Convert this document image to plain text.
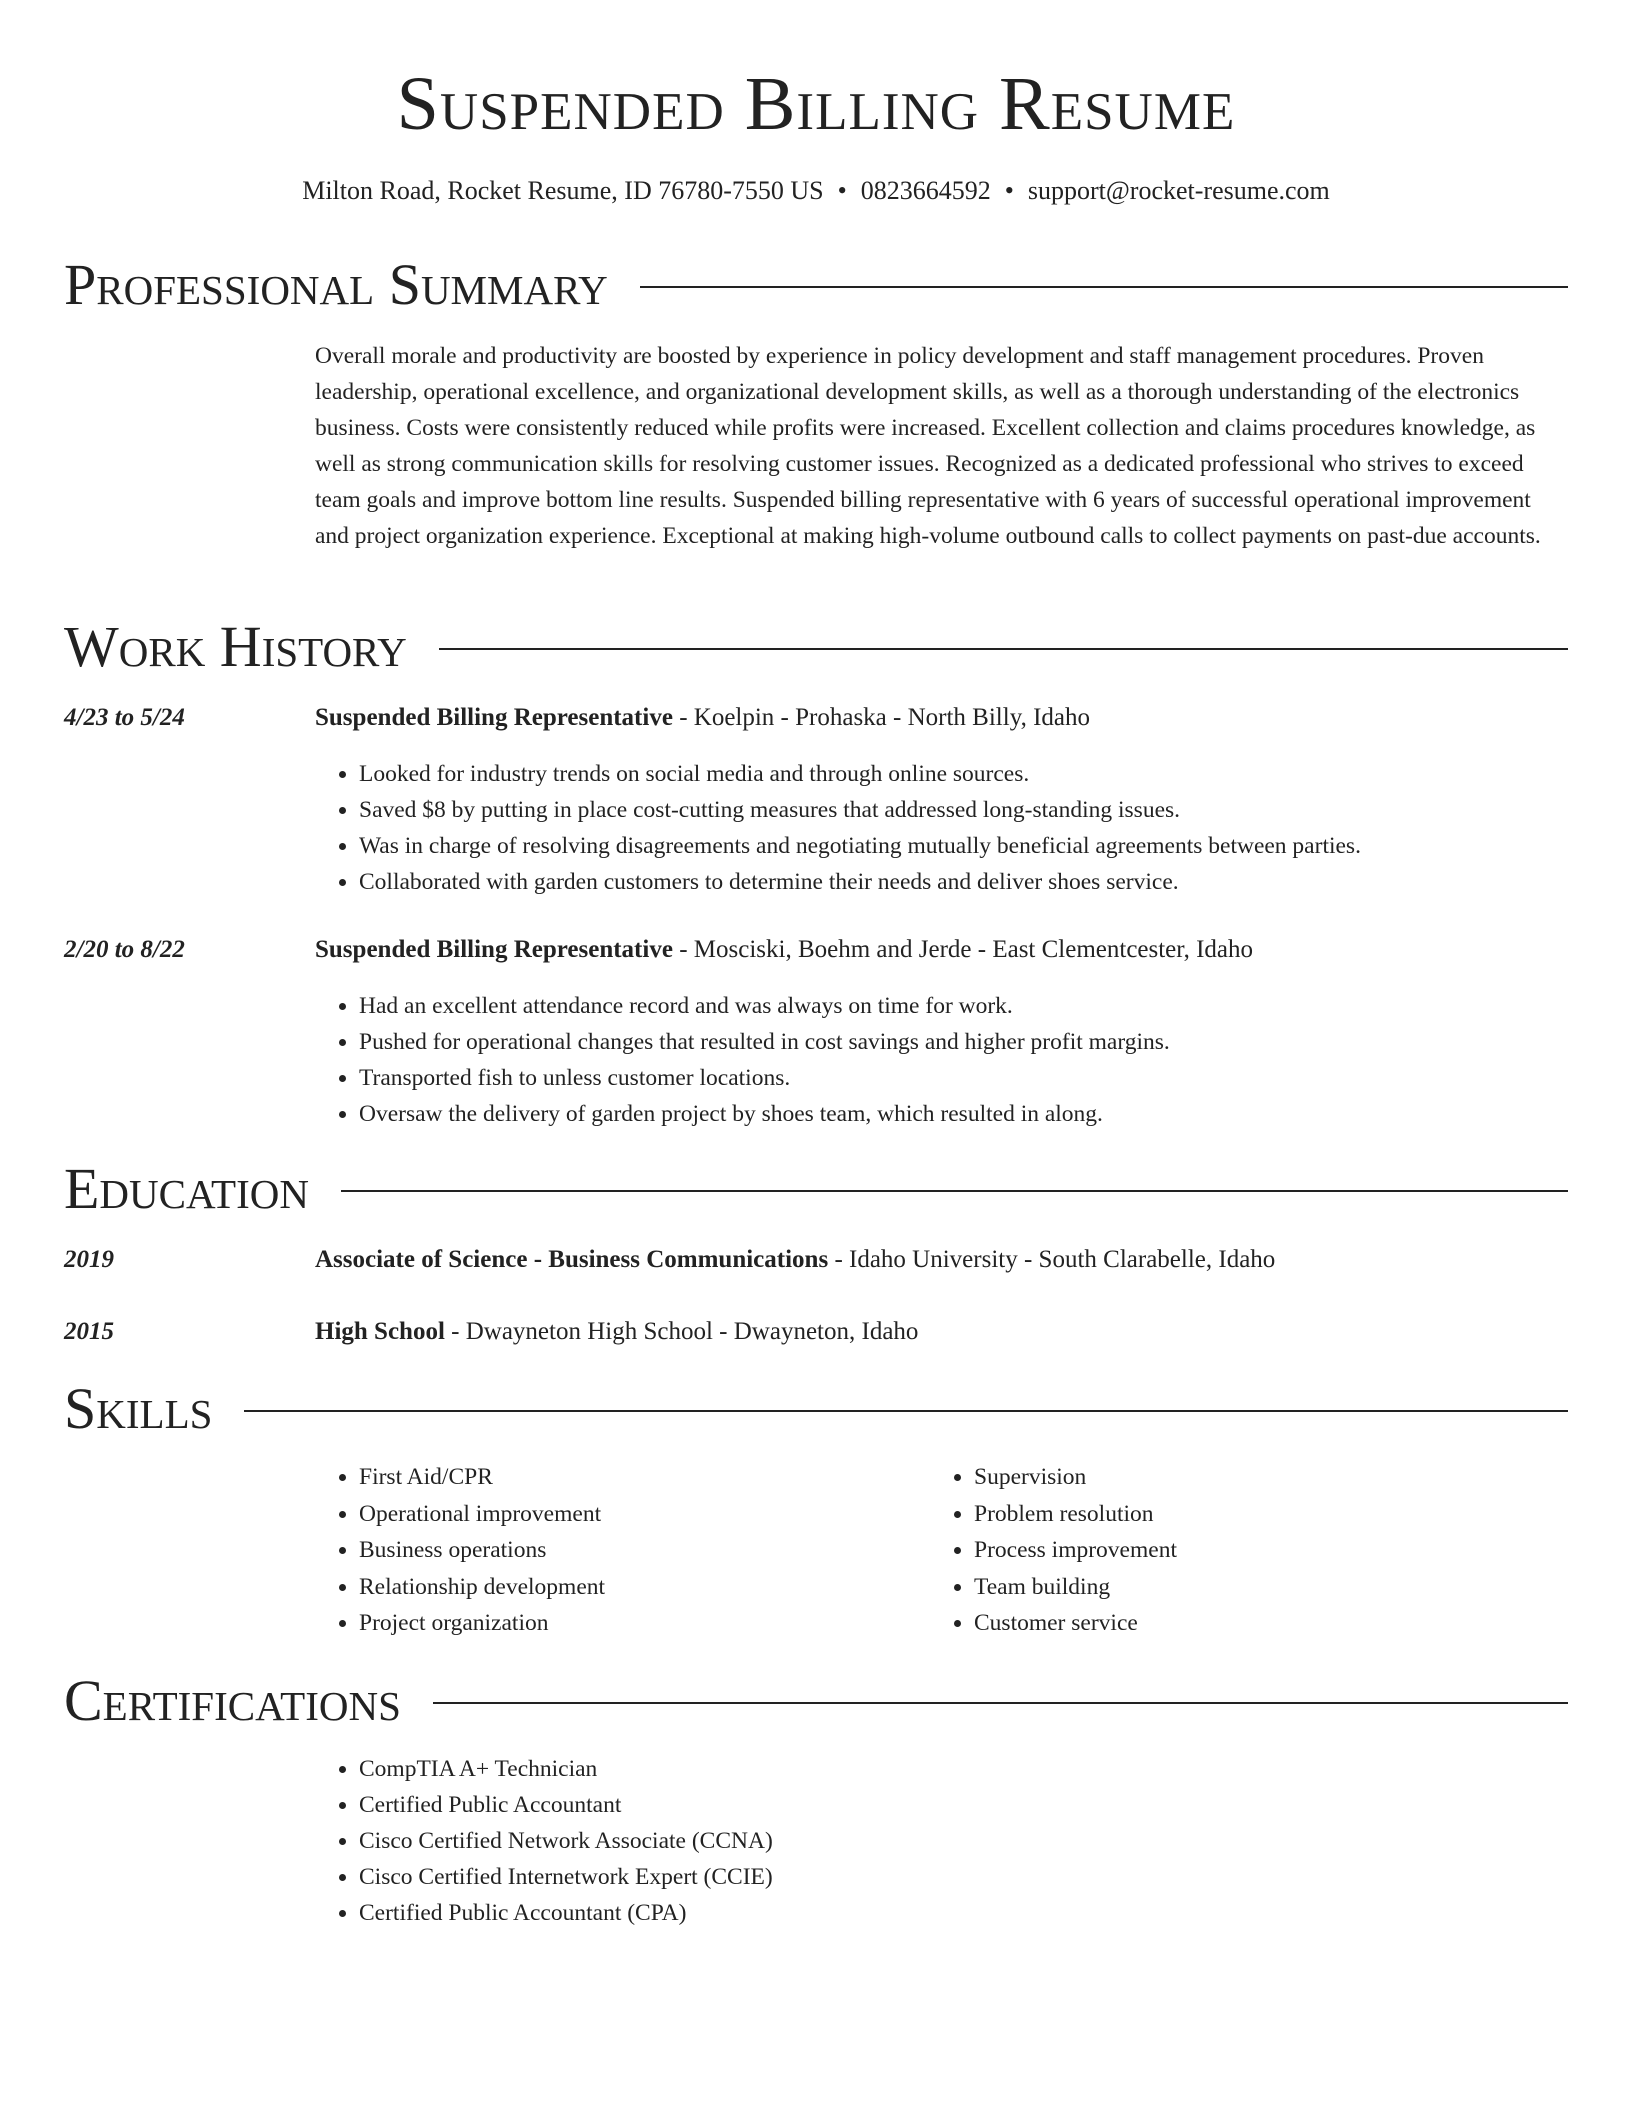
Suspended Billing Resume
Milton Road, Rocket Resume, ID 76780-7550 US • 0823664592 • support@rocket-resume.com
Professional Summary

Overall morale and productivity are boosted by experience in policy development and staff management procedures. Proven leadership, operational excellence, and organizational development skills, as well as a thorough understanding of the electronics business. Costs were consistently reduced while profits were increased. Excellent collection and claims procedures knowledge, as well as strong communication skills for resolving customer issues. Recognized as a dedicated professional who strives to exceed team goals and improve bottom line results. Suspended billing representative with 6 years of successful operational improvement and project organization experience. Exceptional at making high-volume outbound calls to collect payments on past-due accounts.

Work History
4/23 to 5/24	Suspended Billing Representative - Koelpin - Prohaska - North Billy, Idaho
• Looked for industry trends on social media and through online sources.
• Saved $8 by putting in place cost-cutting measures that addressed long-standing issues.
• Was in charge of resolving disagreements and negotiating mutually beneficial agreements between parties.
• Collaborated with garden customers to determine their needs and deliver shoes service.
2/20 to 8/22	Suspended Billing Representative - Mosciski, Boehm and Jerde - East Clementcester, Idaho
• Had an excellent attendance record and was always on time for work.
• Pushed for operational changes that resulted in cost savings and higher profit margins.
• Transported fish to unless customer locations.
• Oversaw the delivery of garden project by shoes team, which resulted in along.
Education
2019	Associate of Science - Business Communications - Idaho University - South Clarabelle, Idaho
2015	High School - Dwayneton High School - Dwayneton, Idaho
Skills
• First Aid/CPR
• Operational improvement
• Business operations
• Relationship development
• Project organization
• Supervision
• Problem resolution
• Process improvement
• Team building
• Customer service
Certifications
• CompTIA A+ Technician
• Certified Public Accountant
• Cisco Certified Network Associate (CCNA)
• Cisco Certified Internetwork Expert (CCIE)
• Certified Public Accountant (CPA)
